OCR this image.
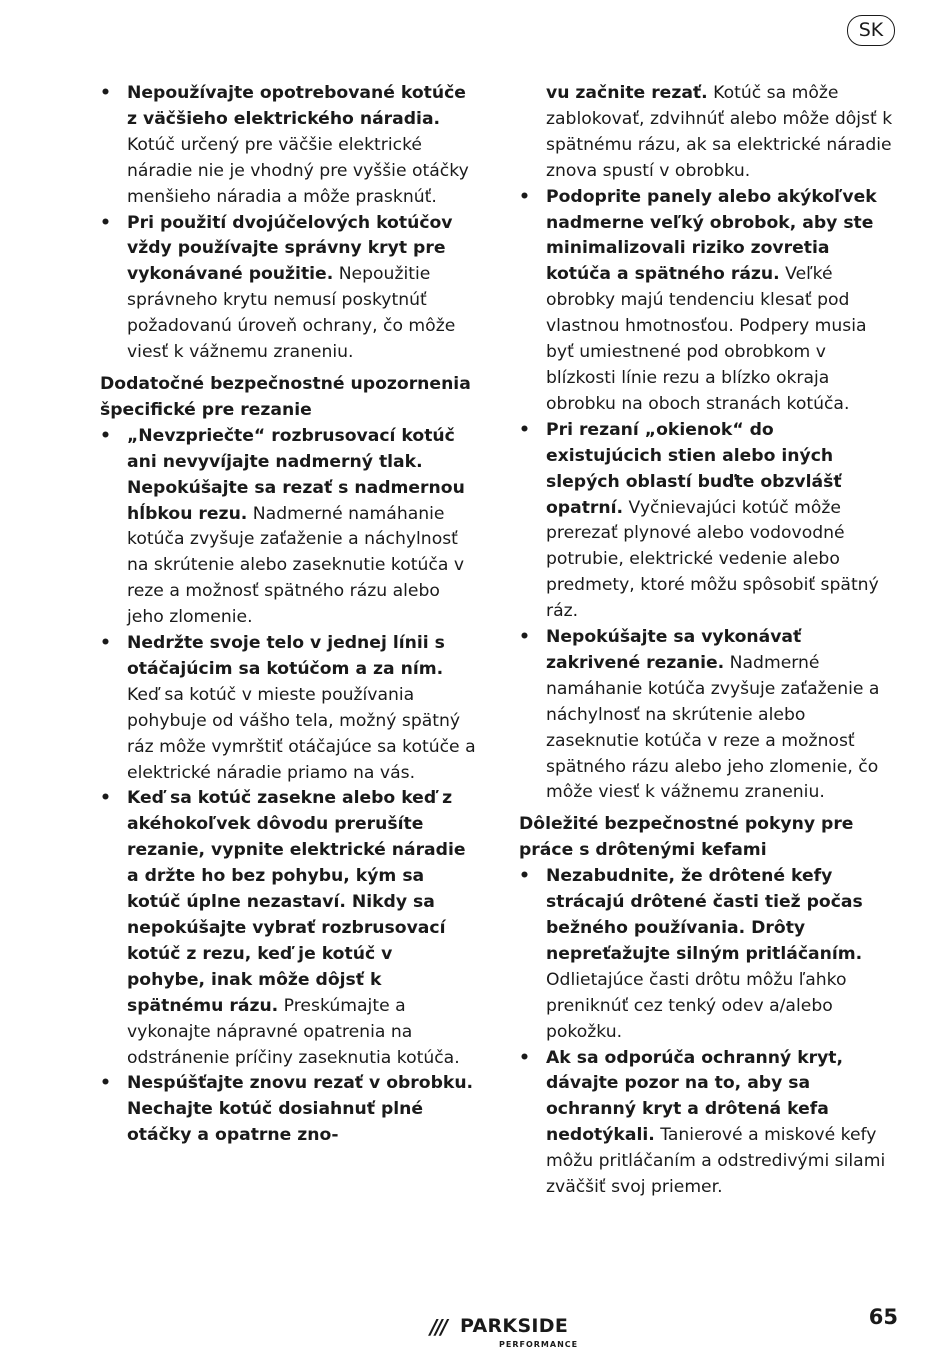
SK
• Nepoužívajte opotrebované kotúče z väčšieho elektrického náradia. Kotúč určený pre väčšie elektrické náradie nie je vhodný pre vyššie otáčky menšieho náradia a môže prasknúť.
• Pri použití dvojúčelových kotúčov vždy používajte správny kryt pre vykonávané použitie. Nepoužitie správneho krytu nemusí poskytnúť požadovanú úroveň ochrany, čo môže viesť k vážnemu zraneniu.
Dodatočné bezpečnostné upozornenia špecifické pre rezanie
• „Nevzpriečte“ rozbrusovací kotúč ani nevyvíjajte nadmerný tlak. Nepokúšajte sa rezať s nadmernou hĺbkou rezu. Nadmerné namáhanie kotúča zvyšuje zaťaženie a náchylnosť na skrútenie alebo zaseknutie kotúča v reze a možnosť spätného rázu alebo jeho zlomenie.
• Nedržte svoje telo v jednej línii s otáčajúcim sa kotúčom a za ním. Keď sa kotúč v mieste používania pohybuje od vášho tela, možný spätný ráz môže vymrštiť otáčajúce sa kotúče a elektrické náradie priamo na vás.
• Keď sa kotúč zasekne alebo keď z akéhokoľvek dôvodu prerušíte rezanie, vypnite elektrické náradie a držte ho bez pohybu, kým sa kotúč úplne nezastaví. Nikdy sa nepokúšajte vybrať rozbrusovací kotúč z rezu, keď je kotúč v pohybe, inak môže dôjsť k spätnému rázu. Preskúmajte a vykonajte nápravné opatrenia na odstránenie príčiny zaseknutia kotúča.
• Nespúšťajte znovu rezať v obrobku. Nechajte kotúč dosiahnuť plné otáčky a opatrne zno-
vu začnite rezať. Kotúč sa môže zablokovať, zdvihnúť alebo môže dôjsť k spätnému rázu, ak sa elektrické náradie znova spustí v obrobku.
• Podoprite panely alebo akýkoľvek nadmerne veľký obrobok, aby ste minimalizovali riziko zovretia kotúča a spätného rázu. Veľké obrobky majú tendenciu klesať pod vlastnou hmotnosťou. Podpery musia byť umiestnené pod obrobkom v blízkosti línie rezu a blízko okraja obrobku na oboch stranách kotúča.
• Pri rezaní „okienok“ do existujúcich stien alebo iných slepých oblastí buďte obzvlášť opatrní. Vyčnievajúci kotúč môže prerezať plynové alebo vodovodné potrubie, elektrické vedenie alebo predmety, ktoré môžu spôsobiť spätný ráz.
• Nepokúšajte sa vykonávať zakrivené rezanie. Nadmerné namáhanie kotúča zvyšuje zaťaženie a náchylnosť na skrútenie alebo zaseknutie kotúča v reze a možnosť spätného rázu alebo jeho zlomenie, čo môže viesť k vážnemu zraneniu.
Dôležité bezpečnostné pokyny pre práce s drôtenými kefami
• Nezabudnite, že drôtené kefy strácajú drôtené časti tiež počas bežného používania. Drôty nepreťažujte silným pritláčaním. Odlietajúce časti drôtu môžu ľahko preniknúť cez tenký odev a/alebo pokožku.
• Ak sa odporúča ochranný kryt, dávajte pozor na to, aby sa ochranný kryt a drôtená kefa nedotýkali. Tanierové a miskové kefy môžu pritláčaním a odstredivými silami zväčšiť svoj priemer.
/// PARKSIDE
PERFORMANCE
65
